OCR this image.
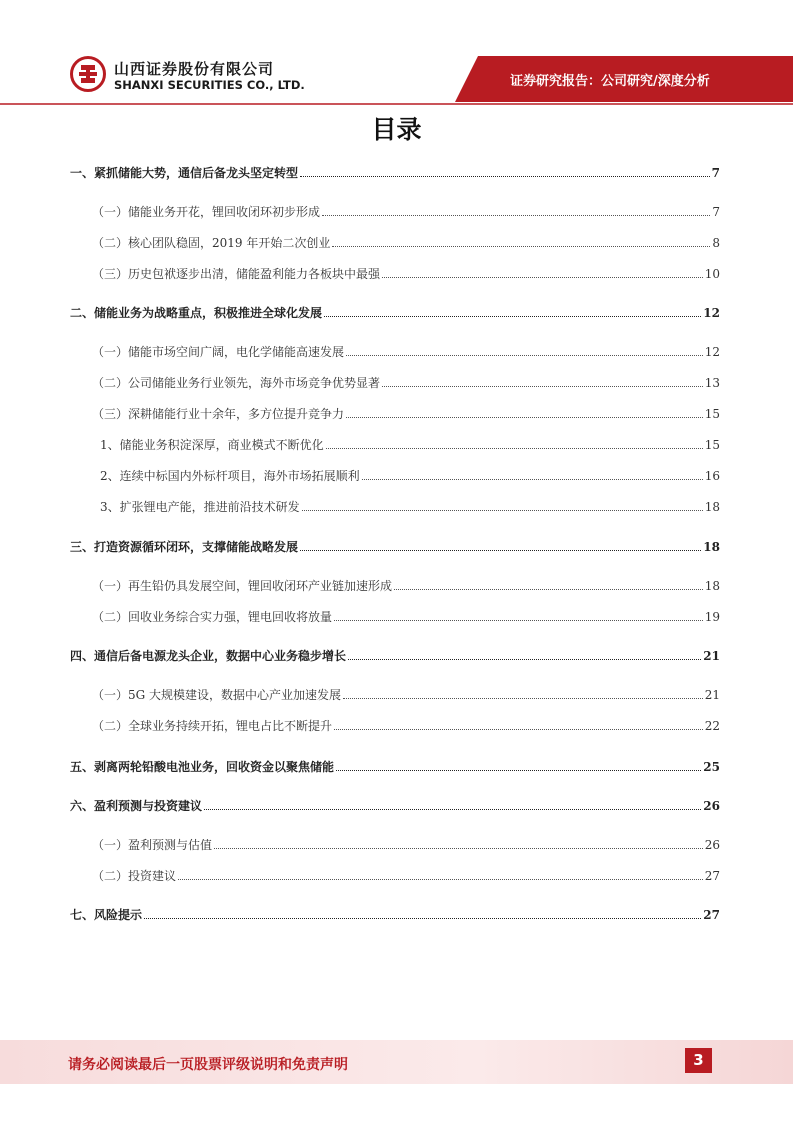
山西证券股份有限公司
SHANXI SECURITIES CO., LTD.	证券研究报告：公司研究/深度分析
目录
一、紧抓储能大势，通信后备龙头坚定转型	7
（一）储能业务开花，锂回收闭环初步形成	7
（二）核心团队稳固，2019 年开始二次创业	8
（三）历史包袱逐步出清，储能盈利能力各板块中最强	10
二、储能业务为战略重点，积极推进全球化发展	12
（一）储能市场空间广阔，电化学储能高速发展	12
（二）公司储能业务行业领先，海外市场竞争优势显著	13
（三）深耕储能行业十余年，多方位提升竞争力	15
1、储能业务积淀深厚，商业模式不断优化	15
2、连续中标国内外标杆项目，海外市场拓展顺利	16
3、扩张锂电产能，推进前沿技术研发	18
三、打造资源循环闭环，支撑储能战略发展	18
（一）再生铅仍具发展空间，锂回收闭环产业链加速形成	18
（二）回收业务综合实力强，锂电回收将放量	19
四、通信后备电源龙头企业，数据中心业务稳步增长	21
（一）5G 大规模建设，数据中心产业加速发展	21
（二）全球业务持续开拓，锂电占比不断提升	22
五、剥离两轮铅酸电池业务，回收资金以聚焦储能	25
六、盈利预测与投资建议	26
（一）盈利预测与估值	26
（二）投资建议	27
七、风险提示	27
请务必阅读最后一页股票评级说明和免责声明	3
